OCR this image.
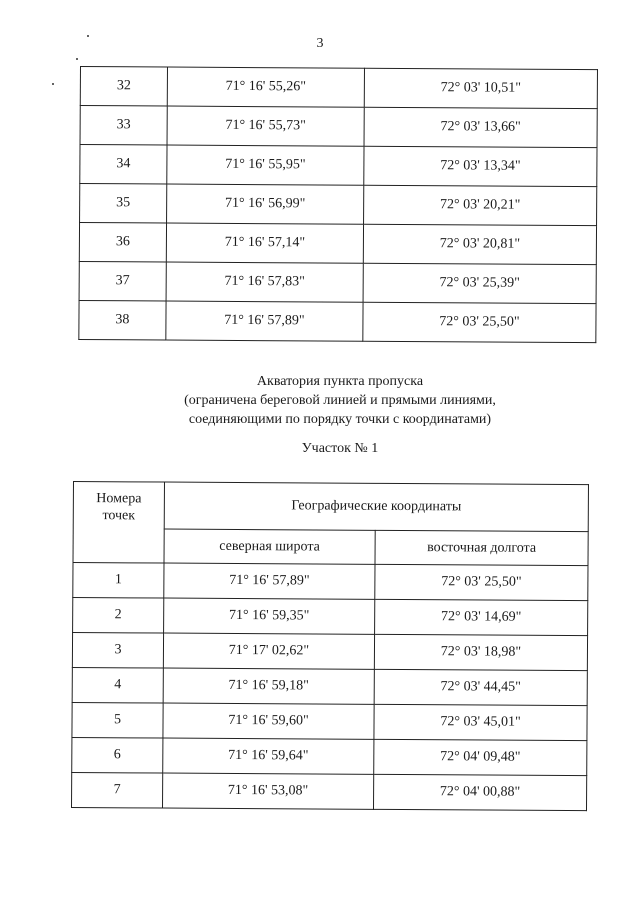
3
32	71° 16' 55,26"	72° 03' 10,51"
33	71° 16' 55,73"	72° 03' 13,66"
34	71° 16' 55,95"	72° 03' 13,34"
35	71° 16' 56,99"	72° 03' 20,21"
36	71° 16' 57,14"	72° 03' 20,81"
37	71° 16' 57,83"	72° 03' 25,39"
38	71° 16' 57,89"	72° 03' 25,50"
Акватория пункта пропуска
(ограничена береговой линией и прямыми линиями,
соединяющими по порядку точки с координатами)
Участок № 1
Номера
точек	Географические координаты	
	северная широта	восточная долгота
1	71° 16' 57,89"	72° 03' 25,50"
2	71° 16' 59,35"	72° 03' 14,69"
3	71° 17' 02,62"	72° 03' 18,98"
4	71° 16' 59,18"	72° 03' 44,45"
5	71° 16' 59,60"	72° 03' 45,01"
6	71° 16' 59,64"	72° 04' 09,48"
7	71° 16' 53,08"	72° 04' 00,88"
